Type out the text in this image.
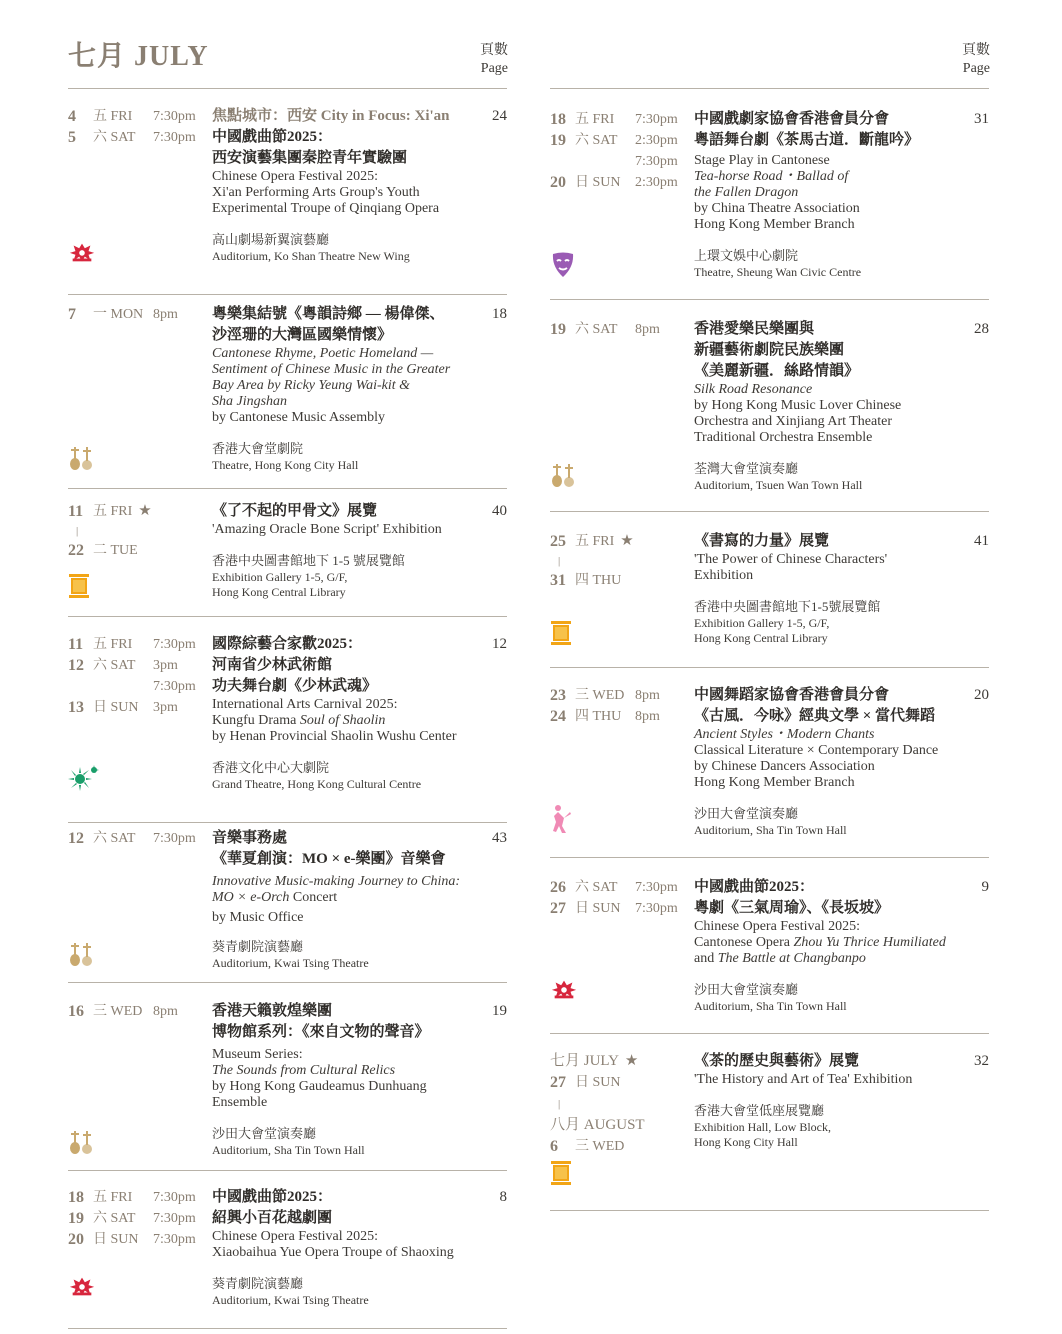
七月 JULY	頁數
Page
頁數
Page
4 五 FRI 7:30pm
5 六 SAT 7:30pm
焦點城市：西安 City in Focus: Xi'an
中國戲曲節2025：
西安演藝集團秦腔青年實驗團
Chinese Opera Festival 2025:
Xi'an Performing Arts Group's Youth
Experimental Troupe of Qinqiang Opera
高山劇場新翼演藝廳
Auditorium, Ko Shan Theatre New Wing
24
7 一 MON 8pm 粵樂集結號《粵韻詩鄉 — 楊偉傑、
沙涇珊的大灣區國樂情懷》
Cantonese Rhyme, Poetic Homeland —
Sentiment of Chinese Music in the Greater
Bay Area by Ricky Yeung Wai-kit &
Sha Jingshan
by Cantonese Music Assembly
香港大會堂劇院
Theatre, Hong Kong City Hall
18
11 五 FRI ★
|
22 二 TUE
《了不起的甲骨文》展覽
'Amazing Oracle Bone Script' Exhibition
香港中央圖書館地下 1-5 號展覽館
Exhibition Gallery 1-5, G/F,
Hong Kong Central Library
40
11 五 FRI 7:30pm
12 六 SAT 3pm
7:30pm
13 日 SUN 3pm
國際綜藝合家歡2025：
河南省少林武術館
功夫舞台劇《少林武魂》
International Arts Carnival 2025:
Kungfu Drama Soul of Shaolin
by Henan Provincial Shaolin Wushu Center
香港文化中心大劇院
Grand Theatre, Hong Kong Cultural Centre
12
12 六 SAT 7:30pm 音樂事務處
《華夏創演：MO × e-樂團》音樂會
Innovative Music-making Journey to China:
MO × e-Orch Concert
by Music Office
葵青劇院演藝廳
Auditorium, Kwai Tsing Theatre
43
16 三 WED 8pm 香港天籟敦煌樂團
博物館系列：《來自文物的聲音》
Museum Series:
The Sounds from Cultural Relics
by Hong Kong Gaudeamus Dunhuang
Ensemble
沙田大會堂演奏廳
Auditorium, Sha Tin Town Hall
19
18 五 FRI 7:30pm
19 六 SAT 7:30pm
20 日 SUN 7:30pm
中國戲曲節2025：
紹興小百花越劇團
Chinese Opera Festival 2025:
Xiaobaihua Yue Opera Troupe of Shaoxing
葵青劇院演藝廳
Auditorium, Kwai Tsing Theatre
8
18 五 FRI 7:30pm
19 六 SAT 2:30pm
7:30pm
20 日 SUN 2:30pm
中國戲劇家協會香港會員分會
粵語舞台劇《茶馬古道．斷龍吟》
Stage Play in Cantonese
Tea-horse Road・Ballad of
the Fallen Dragon
by China Theatre Association
Hong Kong Member Branch
上環文娛中心劇院
Theatre, Sheung Wan Civic Centre
31
19 六 SAT 8pm 香港愛樂民樂團與
新疆藝術劇院民族樂團
《美麗新疆．絲路情韻》
Silk Road Resonance
by Hong Kong Music Lover Chinese
Orchestra and Xinjiang Art Theater
Traditional Orchestra Ensemble
荃灣大會堂演奏廳
Auditorium, Tsuen Wan Town Hall
28
25 五 FRI ★
|
31 四 THU
《書寫的力量》展覽
'The Power of Chinese Characters'
Exhibition
香港中央圖書館地下1-5號展覽館
Exhibition Gallery 1-5, G/F,
Hong Kong Central Library
41
23 三 WED 8pm
24 四 THU 8pm
中國舞蹈家協會香港會員分會
《古風．今咏》經典文學 × 當代舞蹈
Ancient Styles・Modern Chants
Classical Literature × Contemporary Dance
by Chinese Dancers Association
Hong Kong Member Branch
沙田大會堂演奏廳
Auditorium, Sha Tin Town Hall
20
26 六 SAT 7:30pm
27 日 SUN 7:30pm
中國戲曲節2025：
粵劇《三氣周瑜》、《長坂坡》
Chinese Opera Festival 2025:
Cantonese Opera Zhou Yu Thrice Humiliated
and The Battle at Changbanpo
沙田大會堂演奏廳
Auditorium, Sha Tin Town Hall
9
七月 JULY ★
27 日 SUN
|
八月 AUGUST
6 三 WED
《茶的歷史與藝術》展覽
'The History and Art of Tea' Exhibition
香港大會堂低座展覽廳
Exhibition Hall, Low Block,
Hong Kong City Hall
32
